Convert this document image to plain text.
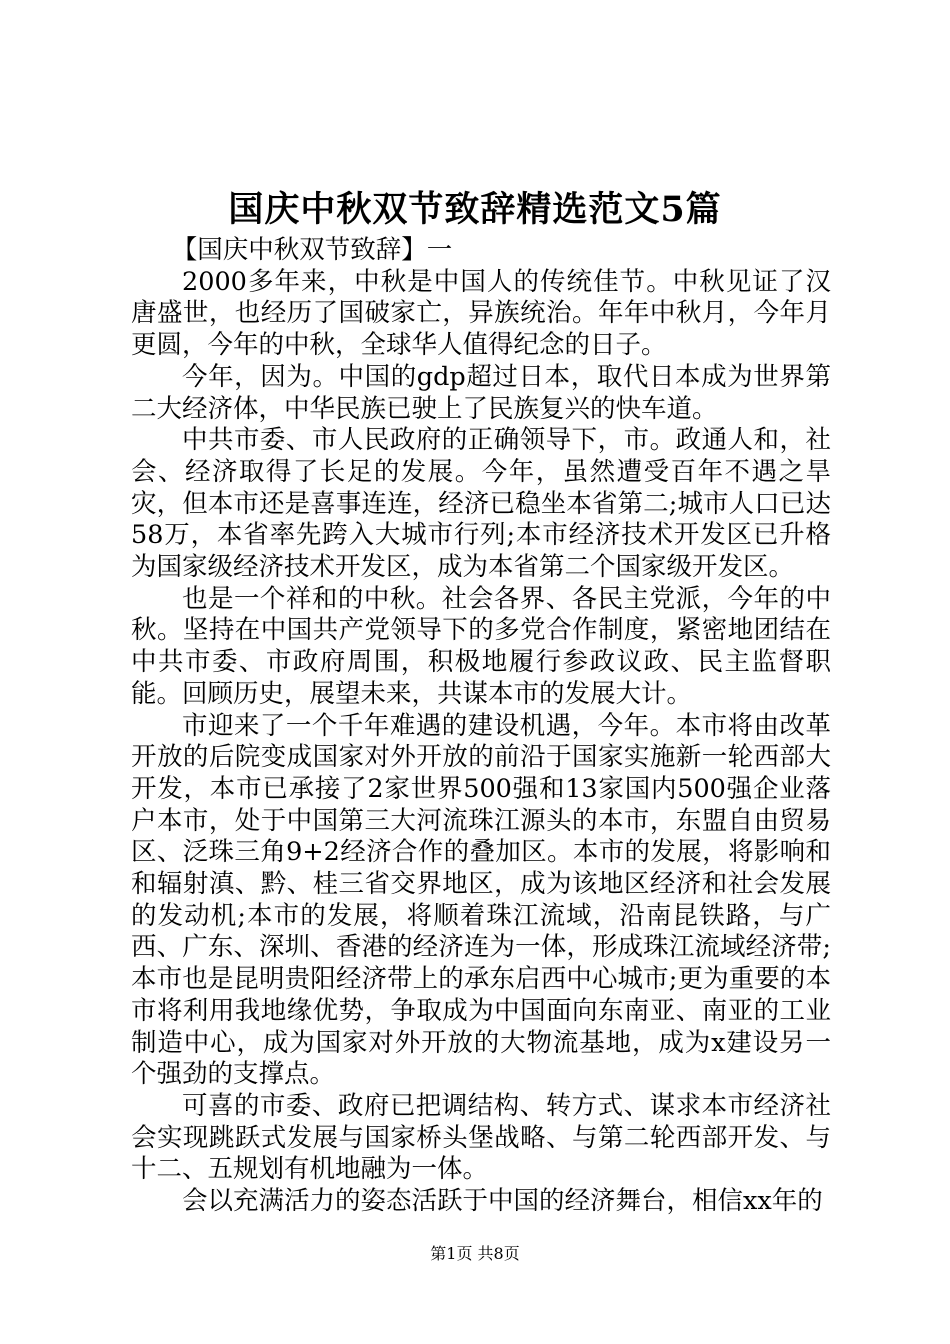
国庆中秋双节致辞精选范文5篇

【国庆中秋双节致辞】一

2000多年来，中秋是中国人的传统佳节。中秋见证了汉唐盛世，也经历了国破家亡，异族统治。年年中秋月，今年月更圆，今年的中秋，全球华人值得纪念的日子。

今年，因为。中国的gdp超过日本，取代日本成为世界第二大经济体，中华民族已驶上了民族复兴的快车道。

中共市委、市人民政府的正确领导下，市。政通人和，社会、经济取得了长足的发展。今年，虽然遭受百年不遇之旱灾，但本市还是喜事连连，经济已稳坐本省第二;城市人口已达58万，本省率先跨入大城市行列;本市经济技术开发区已升格为国家级经济技术开发区，成为本省第二个国家级开发区。

也是一个祥和的中秋。社会各界、各民主党派，今年的中秋。坚持在中国共产党领导下的多党合作制度，紧密地团结在中共市委、市政府周围，积极地履行参政议政、民主监督职能。回顾历史，展望未来，共谋本市的发展大计。

市迎来了一个千年难遇的建设机遇，今年。本市将由改革开放的后院变成国家对外开放的前沿于国家实施新一轮西部大开发，本市已承接了2家世界500强和13家国内500强企业落户本市，处于中国第三大河流珠江源头的本市，东盟自由贸易区、泛珠三角9+2经济合作的叠加区。本市的发展，将影响和和辐射滇、黔、桂三省交界地区，成为该地区经济和社会发展的发动机;本市的发展，将顺着珠江流域，沿南昆铁路，与广西、广东、深圳、香港的经济连为一体，形成珠江流域经济带;本市也是昆明贵阳经济带上的承东启西中心城市;更为重要的本市将利用我地缘优势，争取成为中国面向东南亚、南亚的工业制造中心，成为国家对外开放的大物流基地，成为x建设另一个强劲的支撑点。

可喜的市委、政府已把调结构、转方式、谋求本市经济社会实现跳跃式发展与国家桥头堡战略、与第二轮西部开发、与十二、五规划有机地融为一体。

会以充满活力的姿态活跃于中国的经济舞台，相信xx年的

第1页 共8页
